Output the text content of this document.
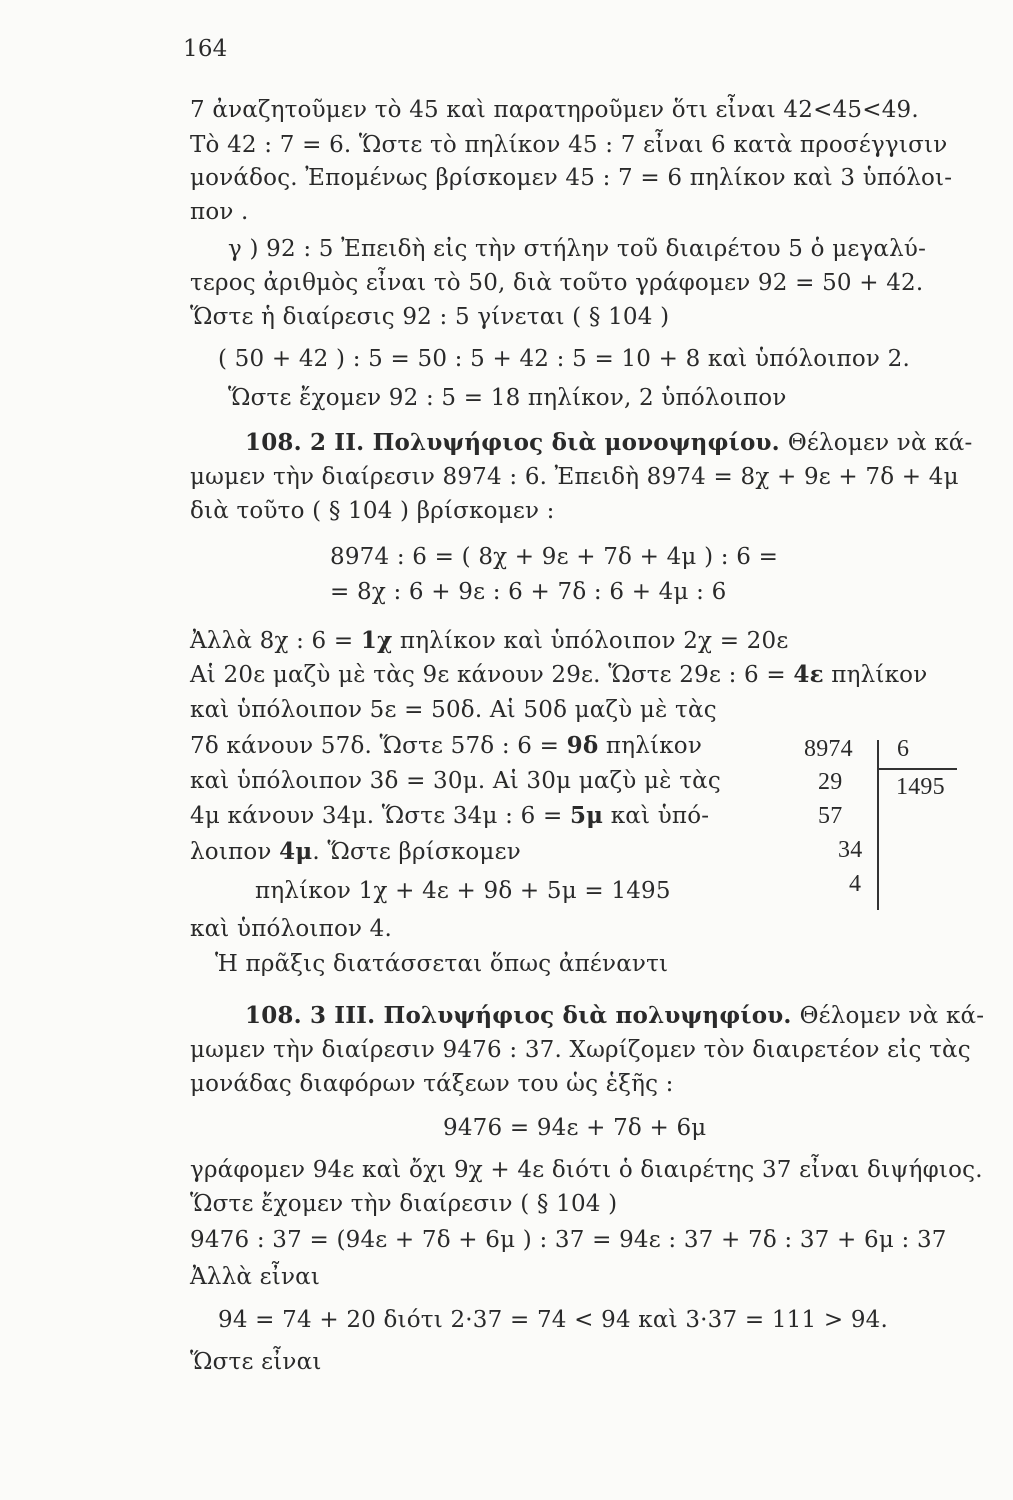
164
7 ἀναζητοῦμεν τὸ 45 καὶ παρατηροῦμεν ὅτι εἶναι 42<45<49.
Τὸ 42 : 7 = 6. Ὥστε τὸ πηλίκον 45 : 7 εἶναι 6 κατὰ προσέγγισιν
μονάδος. Ἐπομένως βρίσκομεν 45 : 7 = 6 πηλίκον καὶ 3 ὑπόλοι-
πον .
γ ) 92 : 5 Ἐπειδὴ εἰς τὴν στήλην τοῦ διαιρέτου 5 ὁ μεγαλύ-
τερος ἀριθμὸς εἶναι τὸ 50, διὰ τοῦτο γράφομεν 92 = 50 + 42.
Ὥστε ἡ διαίρεσις 92 : 5 γίνεται ( § 104 )
( 50 + 42 ) : 5 = 50 : 5 + 42 : 5 = 10 + 8 καὶ ὑπόλοιπον 2.
Ὥστε ἔχομεν 92 : 5 = 18 πηλίκον, 2 ὑπόλοιπον
108. 2 II. Πολυψήφιος διὰ μονοψηφίου. Θέλομεν νὰ κά-
μωμεν τὴν διαίρεσιν 8974 : 6. Ἐπειδὴ 8974 = 8χ + 9ε + 7δ + 4μ
διὰ τοῦτο ( § 104 ) βρίσκομεν :
8974 : 6 = ( 8χ + 9ε + 7δ + 4μ ) : 6 =
= 8χ : 6 + 9ε : 6 + 7δ : 6 + 4μ : 6
Ἀλλὰ 8χ : 6 = 1χ πηλίκον καὶ ὑπόλοιπον 2χ = 20ε
Αἱ 20ε μαζὺ μὲ τὰς 9ε κάνουν 29ε. Ὥστε 29ε : 6 = 4ε πηλίκον
καὶ ὑπόλοιπον 5ε = 50δ. Αἱ 50δ μαζὺ μὲ τὰς
7δ κάνουν 57δ. Ὥστε 57δ : 6 = 9δ πηλίκον
καὶ ὑπόλοιπον 3δ = 30μ. Αἱ 30μ μαζὺ μὲ τὰς
4μ κάνουν 34μ. Ὥστε 34μ : 6 = 5μ καὶ ὑπό-
λοιπον 4μ. Ὥστε βρίσκομεν
πηλίκον 1χ + 4ε + 9δ + 5μ = 1495
καὶ ὑπόλοιπον 4.
Ἡ πρᾶξις διατάσσεται ὅπως ἀπέναντι
8974 6
1495
29
57
34
4
108. 3 III. Πολυψήφιος διὰ πολυψηφίου. Θέλομεν νὰ κά-
μωμεν τὴν διαίρεσιν 9476 : 37. Χωρίζομεν τὸν διαιρετέον εἰς τὰς
μονάδας διαφόρων τάξεων του ὡς ἑξῆς :
9476 = 94ε + 7δ + 6μ
γράφομεν 94ε καὶ ὄχι 9χ + 4ε διότι ὁ διαιρέτης 37 εἶναι διψήφιος.
Ὥστε ἔχομεν τὴν διαίρεσιν ( § 104 )
9476 : 37 = (94ε + 7δ + 6μ ) : 37 = 94ε : 37 + 7δ : 37 + 6μ : 37
Ἀλλὰ εἶναι
94 = 74 + 20 διότι 2·37 = 74 < 94 καὶ 3·37 = 111 > 94.
Ὥστε εἶναι
